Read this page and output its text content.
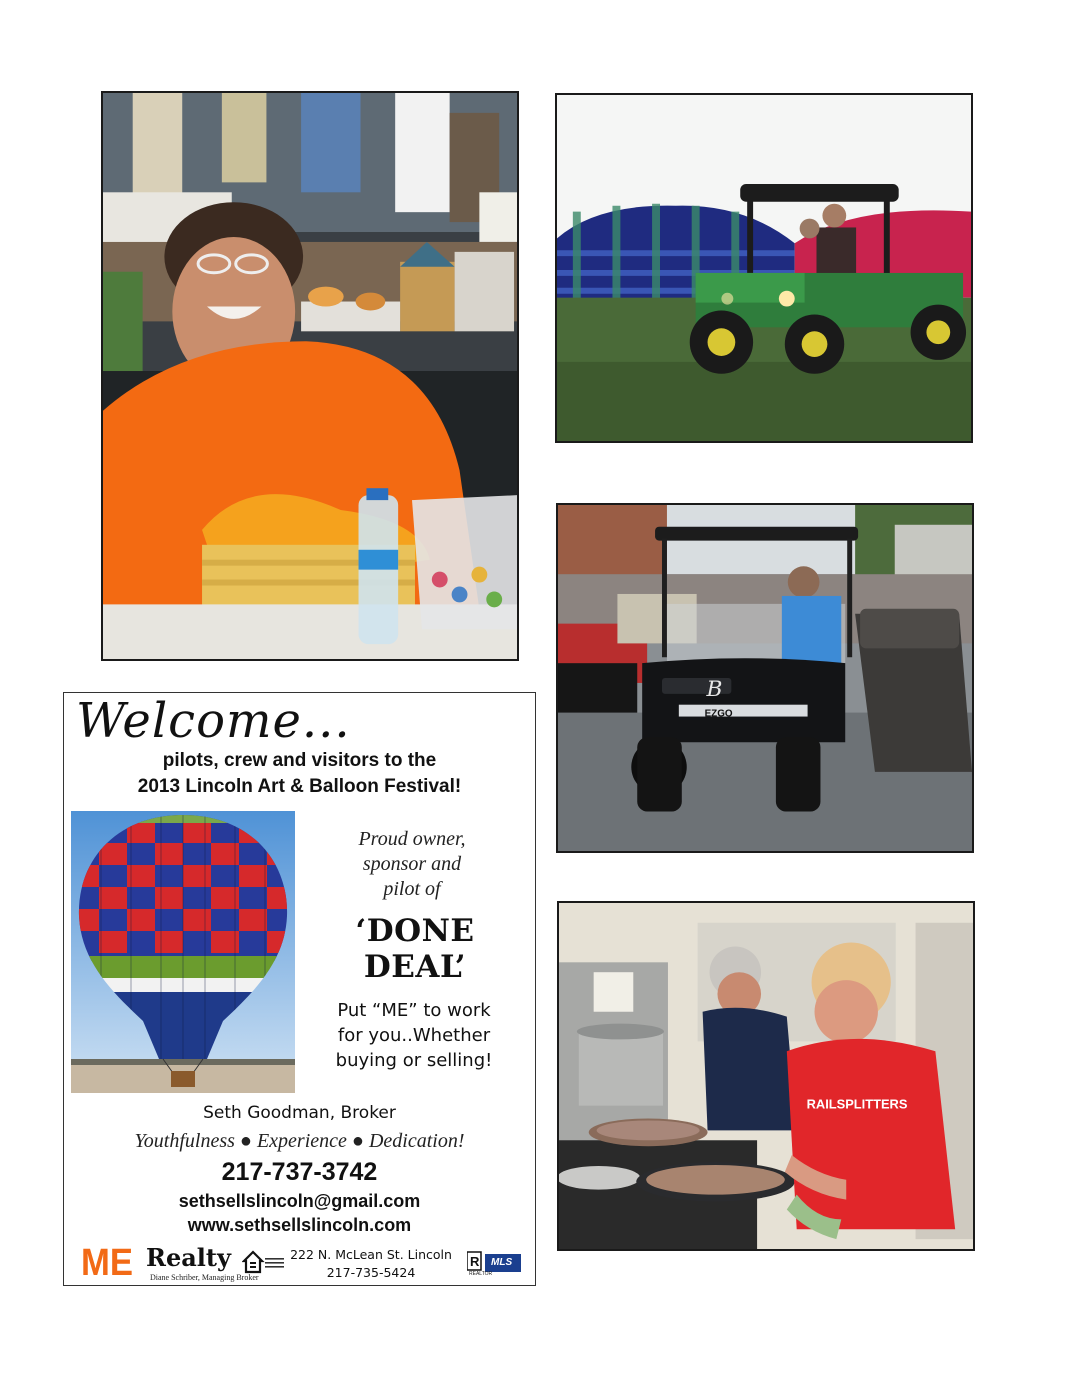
B
EZGO
RAILSPLITTERS
Welcome...
pilots, crew and visitors to the
2013 Lincoln Art & Balloon Festival!
Proud owner,
sponsor and
pilot of
‘DONE DEAL’
Put “ME” to work
for you..Whether
buying or selling!
Seth Goodman, Broker
Youthfulness ● Experience ● Dedication!
217-737-3742
sethsellslincoln@gmail.com
www.sethsellslincoln.com
ME Realty
Diane Schriber, Managing Broker
222 N. McLean St. Lincoln
217-735-5424
R MLS
REALTOR
